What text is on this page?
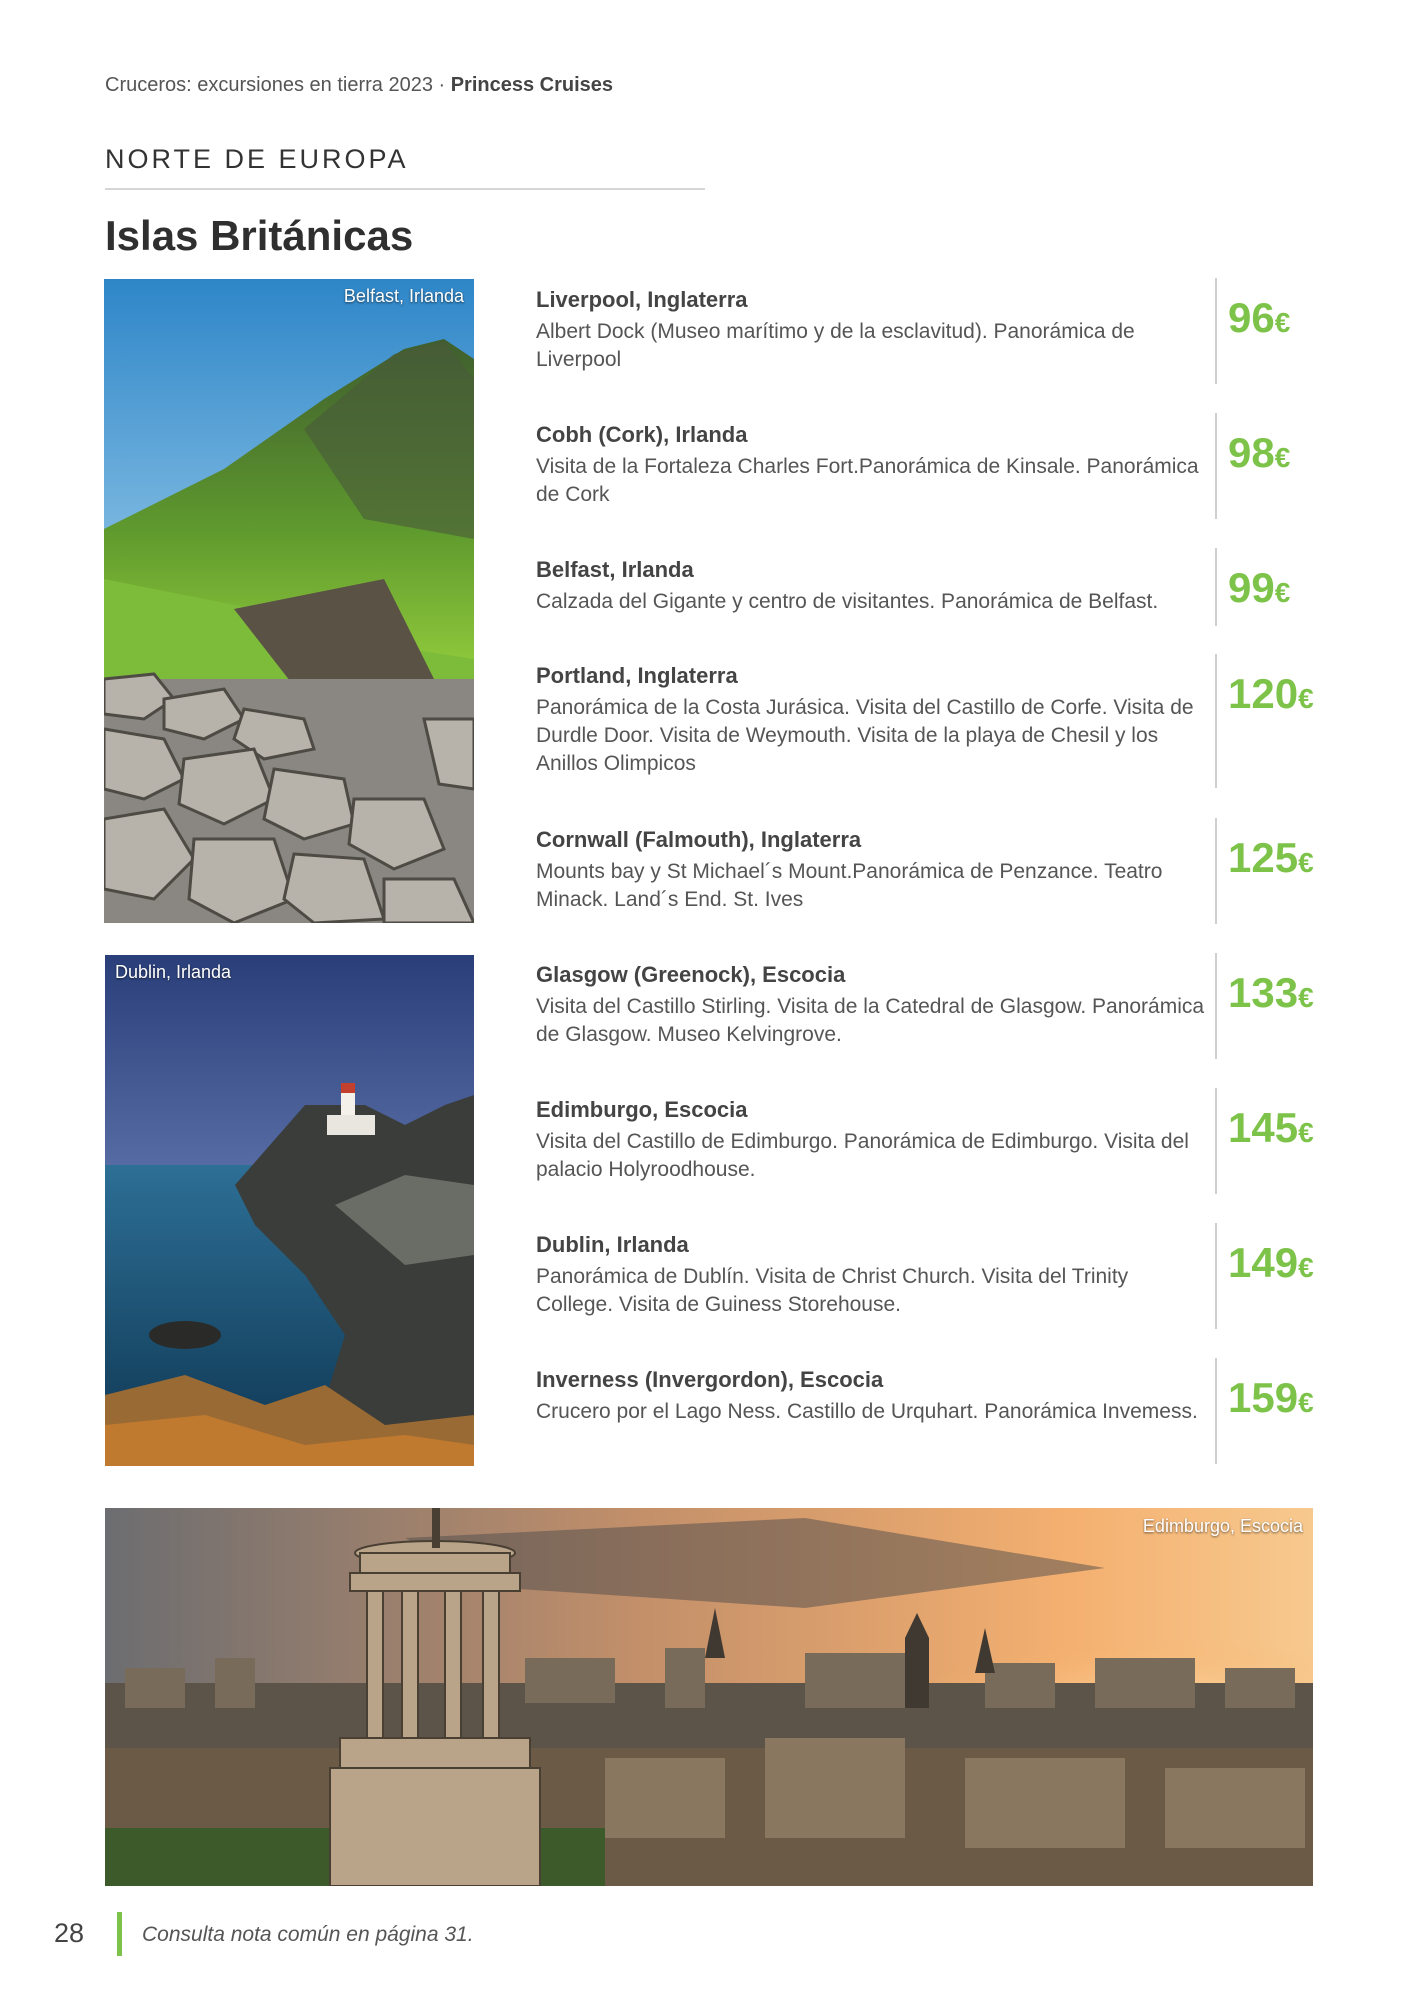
Cruceros: excursiones en tierra 2023 · Princess Cruises
NORTE DE EUROPA
Islas Británicas
Belfast, Irlanda
Dublin, Irlanda
Liverpool, Inglaterra
Albert Dock (Museo marítimo y de la esclavitud). Panorámica de Liverpool
96€
Cobh (Cork), Irlanda
Visita de la Fortaleza Charles Fort.Panorámica de Kinsale. Panorámica de Cork
98€
Belfast, Irlanda
Calzada del Gigante y centro de visitantes. Panorámica de Belfast.	99€
Portland, Inglaterra
Panorámica de la Costa Jurásica. Visita del Castillo de Corfe. Visita de Durdle Door. Visita de Weymouth. Visita de la playa de Chesil y los Anillos Olimpicos
120€
Cornwall (Falmouth), Inglaterra
Mounts bay y St Michael´s Mount.Panorámica de Penzance. Teatro Minack. Land´s End. St. Ives
125€
Glasgow (Greenock), Escocia
Visita del Castillo Stirling. Visita de la Catedral de Glasgow. Panorámica de Glasgow. Museo Kelvingrove.
133€
Edimburgo, Escocia
Visita del Castillo de Edimburgo. Panorámica de Edimburgo. Visita del palacio Holyroodhouse.
145€
Dublin, Irlanda
Panorámica de Dublín. Visita de Christ Church. Visita del Trinity College. Visita de Guiness Storehouse.
149€
Inverness (Invergordon), Escocia
Crucero por el Lago Ness. Castillo de Urquhart. Panorámica Invemess. 159€
Edimburgo, Escocia
28	Consulta nota común en página 31.
